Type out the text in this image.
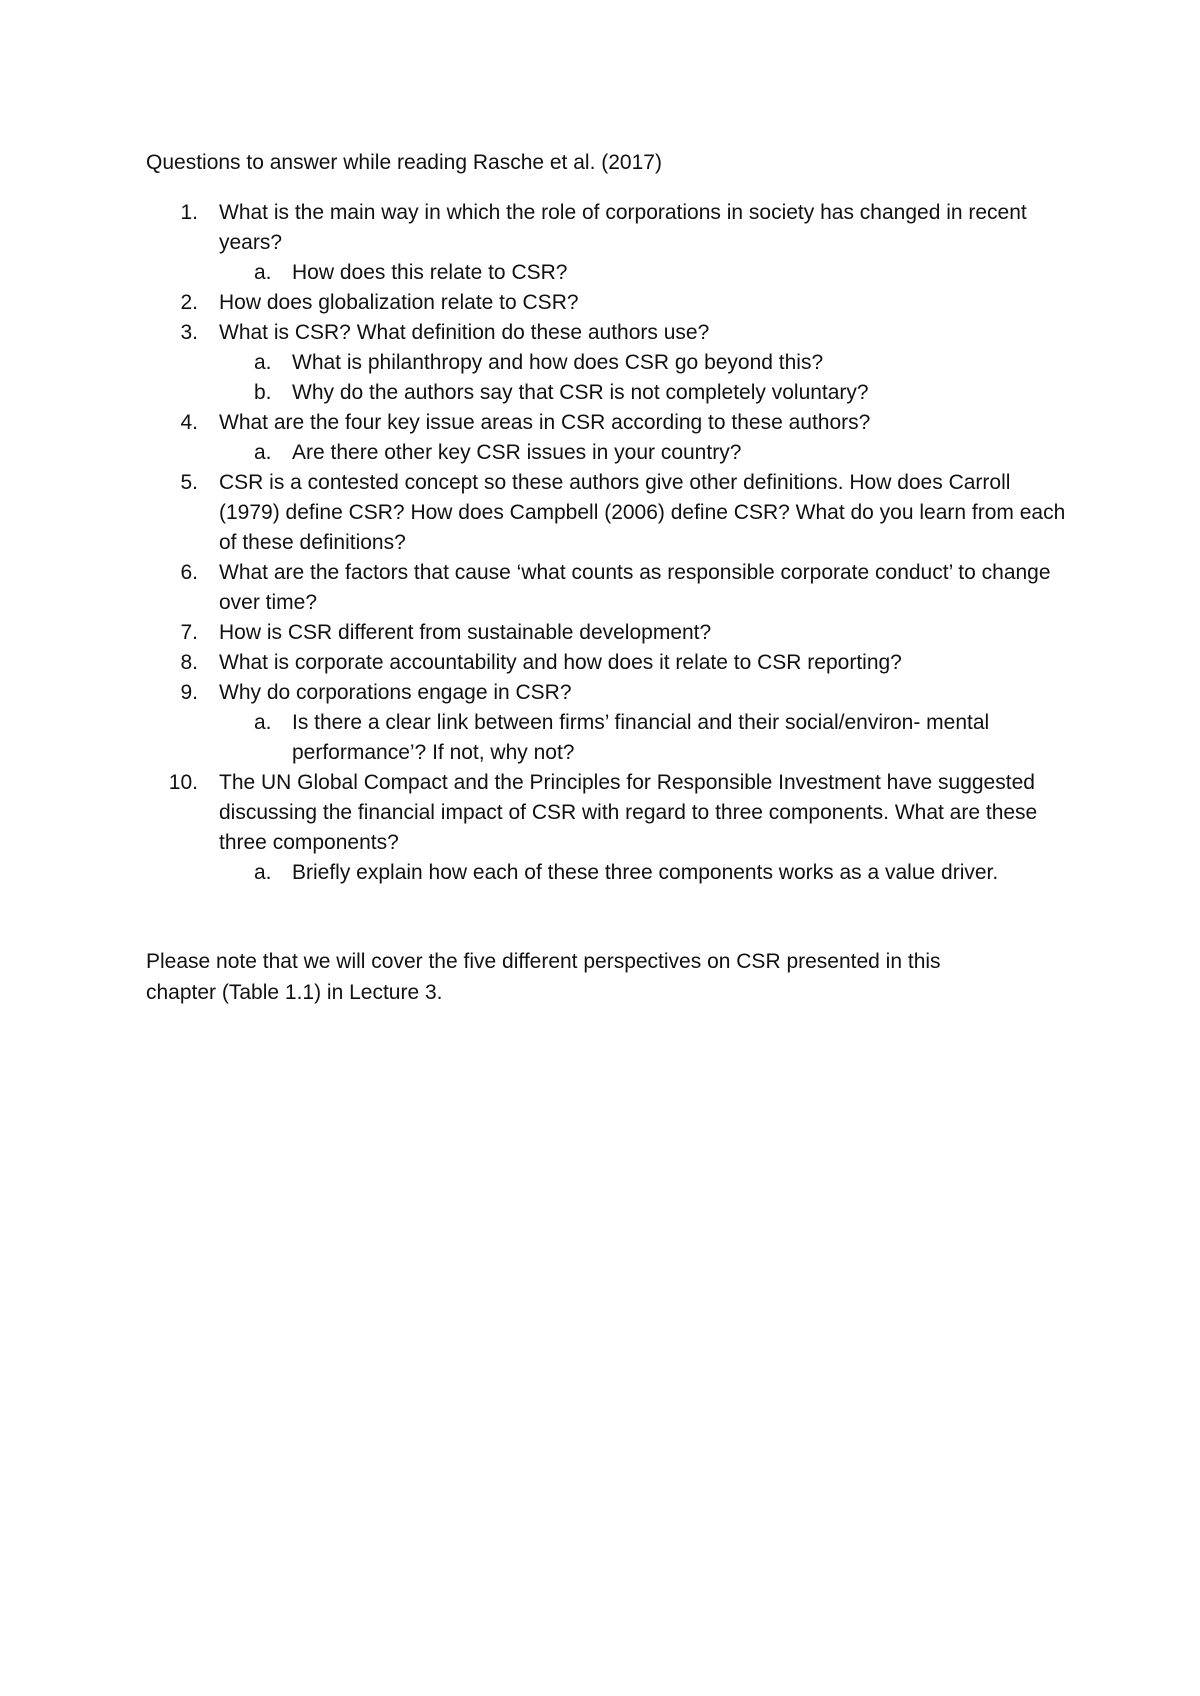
Questions to answer while reading Rasche et al. (2017)

1. What is the main way in which the role of corporations in society has changed in recent years?
a. How does this relate to CSR?
2. How does globalization relate to CSR?
3. What is CSR? What definition do these authors use?
a. What is philanthropy and how does CSR go beyond this?
b. Why do the authors say that CSR is not completely voluntary?
4. What are the four key issue areas in CSR according to these authors?
a. Are there other key CSR issues in your country?
5. CSR is a contested concept so these authors give other definitions. How does Carroll (1979) define CSR? How does Campbell (2006) define CSR? What do you learn from each of these definitions?
6. What are the factors that cause ‘what counts as responsible corporate conduct’ to change over time?
7. How is CSR different from sustainable development?
8. What is corporate accountability and how does it relate to CSR reporting?
9. Why do corporations engage in CSR?
a. Is there a clear link between firms’ financial and their social/environ- mental performance’? If not, why not?
10. The UN Global Compact and the Principles for Responsible Investment have suggested discussing the financial impact of CSR with regard to three components. What are these three components?
a. Briefly explain how each of these three components works as a value driver.

Please note that we will cover the five different perspectives on CSR presented in this chapter (Table 1.1) in Lecture 3.
